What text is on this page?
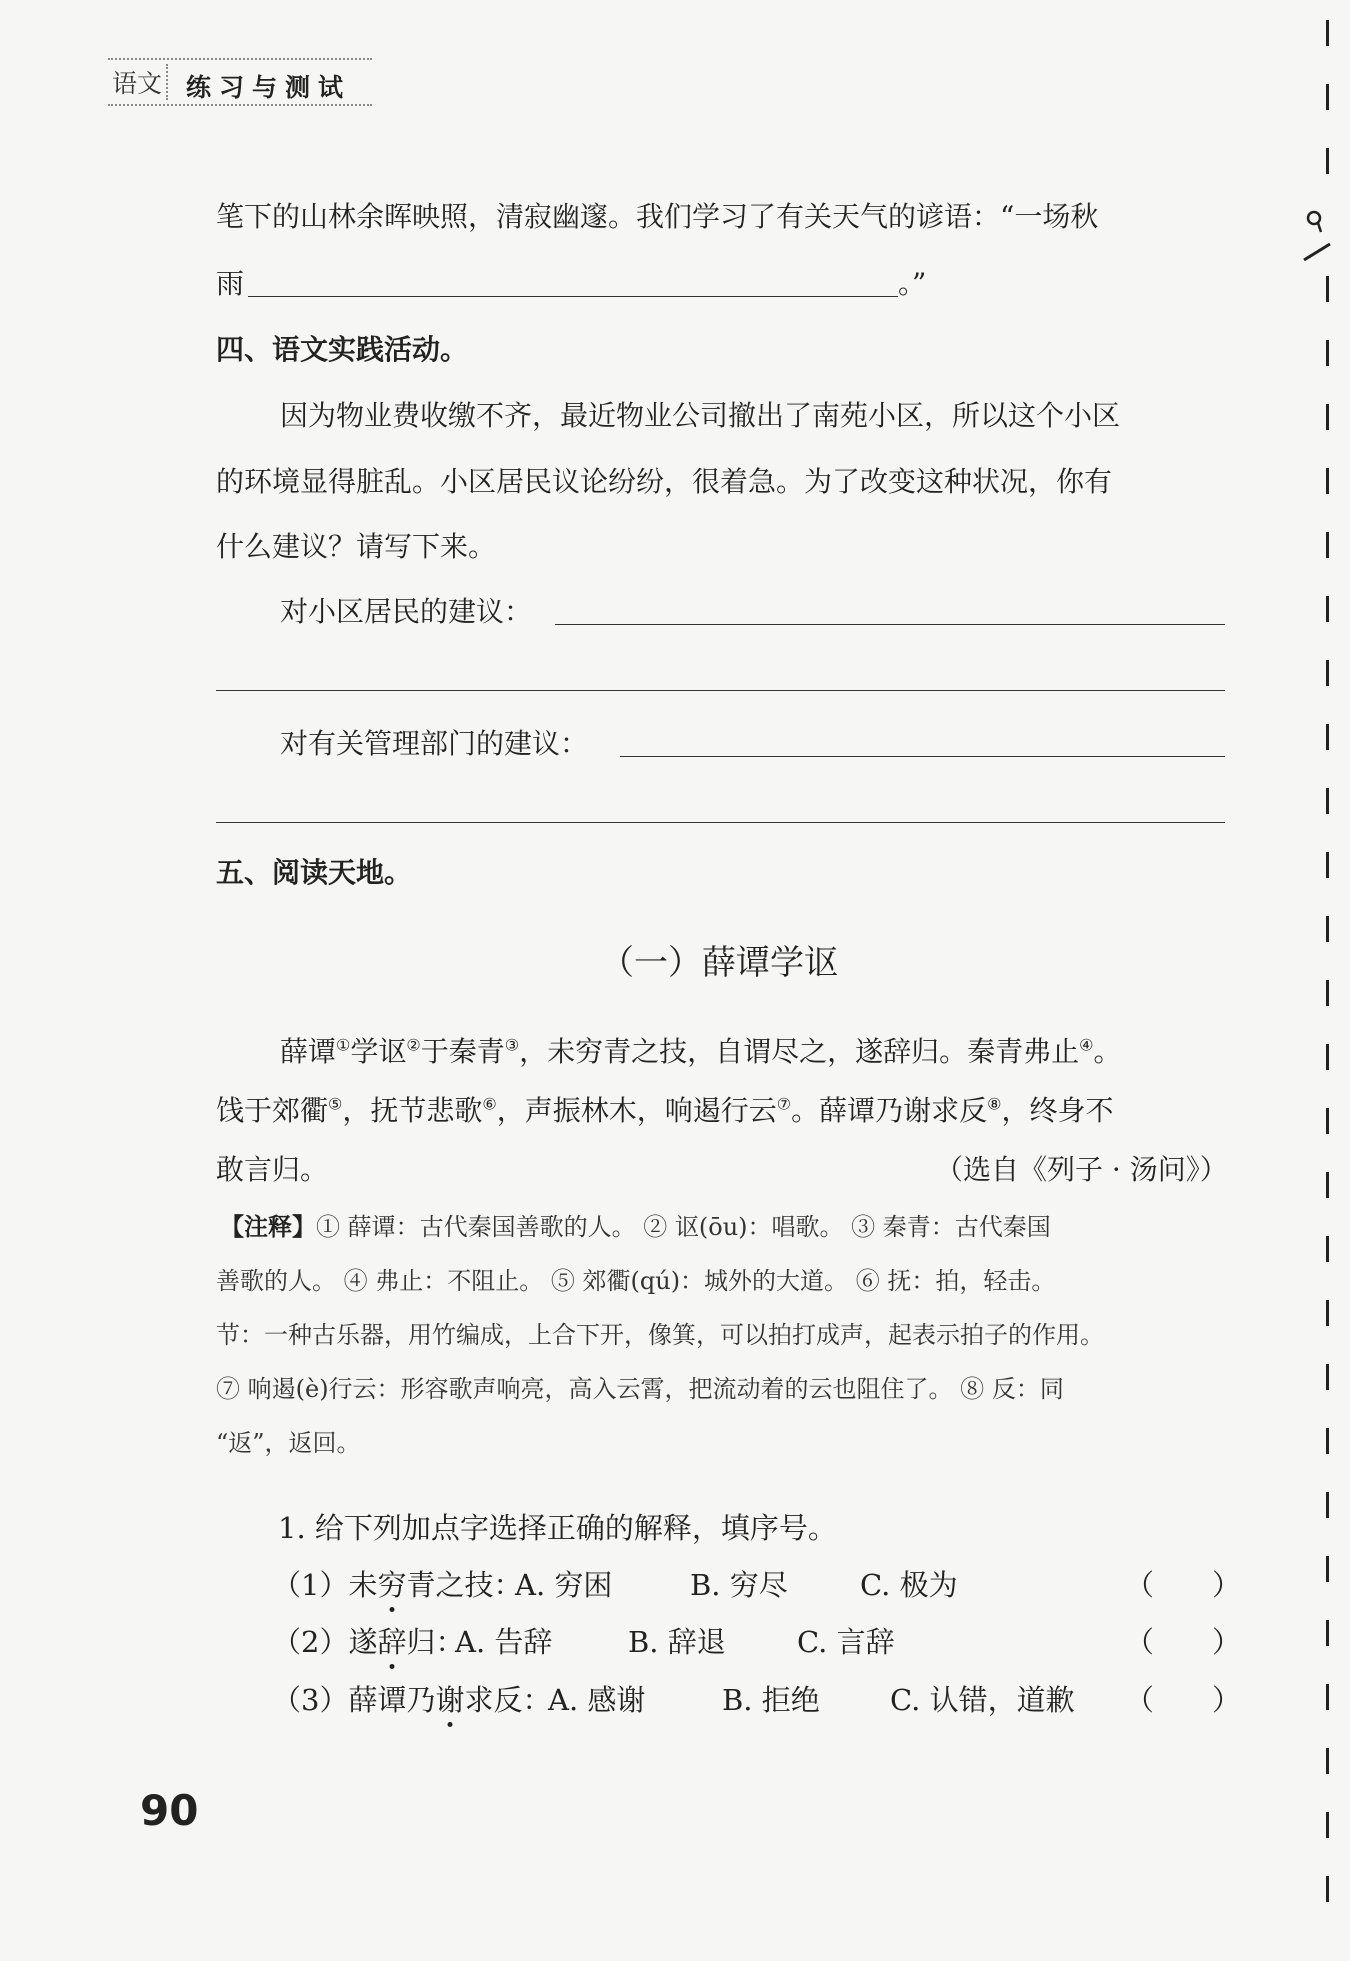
语文 练习与测试
笔下的山林余晖映照，清寂幽邃。我们学习了有关天气的谚语：“一场秋
雨	。”
四、语文实践活动。
因为物业费收缴不齐，最近物业公司撤出了南苑小区，所以这个小区
的环境显得脏乱。小区居民议论纷纷，很着急。为了改变这种状况，你有
什么建议？请写下来。
对小区居民的建议：
对有关管理部门的建议：
五、阅读天地。
（一）薛谭学讴
薛谭①学讴②于秦青③，未穷青之技，自谓尽之，遂辞归。秦青弗止④。
饯于郊衢⑤，抚节悲歌⑥，声振林木，响遏行云⑦。薛谭乃谢求反⑧，终身不
敢言归。	（选自《列子 · 汤问》）
【注释】① 薛谭：古代秦国善歌的人。 ② 讴(ōu)：唱歌。 ③ 秦青：古代秦国
善歌的人。 ④ 弗止：不阻止。 ⑤ 郊衢(qú)：城外的大道。 ⑥ 抚：拍，轻击。
节：一种古乐器，用竹编成，上合下开，像箕，可以拍打成声，起表示拍子的作用。
⑦ 响遏(è)行云：形容歌声响亮，高入云霄，把流动着的云也阻住了。 ⑧ 反：同
“返”，返回。
1. 给下列加点字选择正确的解释，填序号。
（1）未穷青之技：
A. 穷困	B. 穷尽 C. 极为	（　　）
（2）遂辞归：
A. 告辞	B. 辞退 C. 言辞	（　　）
（3）薛谭乃谢求反：
A. 感谢	B. 拒绝 C. 认错，道歉 （　　）
90
